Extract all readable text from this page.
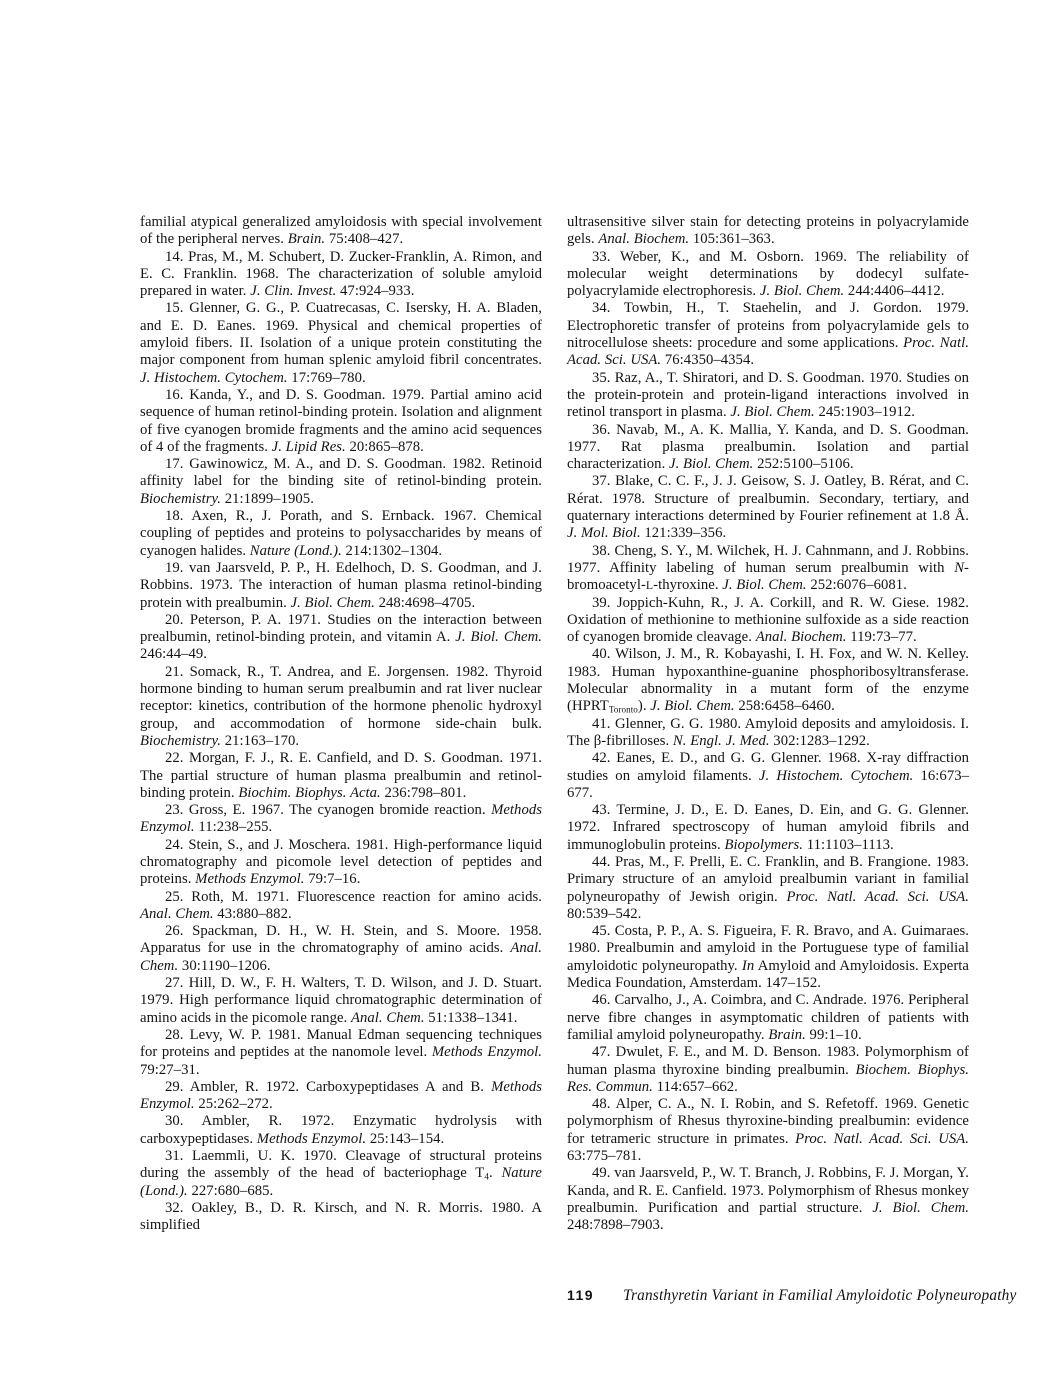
familial atypical generalized amyloidosis with special involvement of the peripheral nerves. Brain. 75:408–427.

14. Pras, M., M. Schubert, D. Zucker-Franklin, A. Rimon, and E. C. Franklin. 1968. The characterization of soluble amyloid prepared in water. J. Clin. Invest. 47:924–933.

15. Glenner, G. G., P. Cuatrecasas, C. Isersky, H. A. Bladen, and E. D. Eanes. 1969. Physical and chemical properties of amyloid fibers. II. Isolation of a unique protein constituting the major component from human splenic amyloid fibril concentrates. J. Histochem. Cytochem. 17:769–780.

16. Kanda, Y., and D. S. Goodman. 1979. Partial amino acid sequence of human retinol-binding protein. Isolation and alignment of five cyanogen bromide fragments and the amino acid sequences of 4 of the fragments. J. Lipid Res. 20:865–878.

17. Gawinowicz, M. A., and D. S. Goodman. 1982. Retinoid affinity label for the binding site of retinol-binding protein. Biochemistry. 21:1899–1905.

18. Axen, R., J. Porath, and S. Ernback. 1967. Chemical coupling of peptides and proteins to polysaccharides by means of cyanogen halides. Nature (Lond.). 214:1302–1304.

19. van Jaarsveld, P. P., H. Edelhoch, D. S. Goodman, and J. Robbins. 1973. The interaction of human plasma retinol-binding protein with prealbumin. J. Biol. Chem. 248:4698–4705.

20. Peterson, P. A. 1971. Studies on the interaction between prealbumin, retinol-binding protein, and vitamin A. J. Biol. Chem. 246:44–49.

21. Somack, R., T. Andrea, and E. Jorgensen. 1982. Thyroid hormone binding to human serum prealbumin and rat liver nuclear receptor: kinetics, contribution of the hormone phenolic hydroxyl group, and accommodation of hormone side-chain bulk. Biochemistry. 21:163–170.

22. Morgan, F. J., R. E. Canfield, and D. S. Goodman. 1971. The partial structure of human plasma prealbumin and retinol-binding protein. Biochim. Biophys. Acta. 236:798–801.

23. Gross, E. 1967. The cyanogen bromide reaction. Methods Enzymol. 11:238–255.

24. Stein, S., and J. Moschera. 1981. High-performance liquid chromatography and picomole level detection of peptides and proteins. Methods Enzymol. 79:7–16.

25. Roth, M. 1971. Fluorescence reaction for amino acids. Anal. Chem. 43:880–882.

26. Spackman, D. H., W. H. Stein, and S. Moore. 1958. Apparatus for use in the chromatography of amino acids. Anal. Chem. 30:1190–1206.

27. Hill, D. W., F. H. Walters, T. D. Wilson, and J. D. Stuart. 1979. High performance liquid chromatographic determination of amino acids in the picomole range. Anal. Chem. 51:1338–1341.

28. Levy, W. P. 1981. Manual Edman sequencing techniques for proteins and peptides at the nanomole level. Methods Enzymol. 79:27–31.

29. Ambler, R. 1972. Carboxypeptidases A and B. Methods Enzymol. 25:262–272.

30. Ambler, R. 1972. Enzymatic hydrolysis with carboxypeptidases. Methods Enzymol. 25:143–154.

31. Laemmli, U. K. 1970. Cleavage of structural proteins during the assembly of the head of bacteriophage $T_4$. Nature (Lond.). 227:680–685.

32. Oakley, B., D. R. Kirsch, and N. R. Morris. 1980. A simplified

ultrasensitive silver stain for detecting proteins in polyacrylamide gels. Anal. Biochem. 105:361–363.

33. Weber, K., and M. Osborn. 1969. The reliability of molecular weight determinations by dodecyl sulfate-polyacrylamide electrophoresis. J. Biol. Chem. 244:4406–4412.

34. Towbin, H., T. Staehelin, and J. Gordon. 1979. Electrophoretic transfer of proteins from polyacrylamide gels to nitrocellulose sheets: procedure and some applications. Proc. Natl. Acad. Sci. USA. 76:4350–4354.

35. Raz, A., T. Shiratori, and D. S. Goodman. 1970. Studies on the protein-protein and protein-ligand interactions involved in retinol transport in plasma. J. Biol. Chem. 245:1903–1912.

36. Navab, M., A. K. Mallia, Y. Kanda, and D. S. Goodman. 1977. Rat plasma prealbumin. Isolation and partial characterization. J. Biol. Chem. 252:5100–5106.

37. Blake, C. C. F., J. J. Geisow, S. J. Oatley, B. Rérat, and C. Rérat. 1978. Structure of prealbumin. Secondary, tertiary, and quaternary interactions determined by Fourier refinement at 1.8 Å. J. Mol. Biol. 121:339–356.

38. Cheng, S. Y., M. Wilchek, H. J. Cahnmann, and J. Robbins. 1977. Affinity labeling of human serum prealbumin with N-bromoacetyl-L-thyroxine. J. Biol. Chem. 252:6076–6081.

39. Joppich-Kuhn, R., J. A. Corkill, and R. W. Giese. 1982. Oxidation of methionine to methionine sulfoxide as a side reaction of cyanogen bromide cleavage. Anal. Biochem. 119:73–77.

40. Wilson, J. M., R. Kobayashi, I. H. Fox, and W. N. Kelley. 1983. Human hypoxanthine-guanine phosphoribosyltransferase. Molecular abnormality in a mutant form of the enzyme $(HPRT_{Toronto})$. J. Biol. Chem. 258:6458–6460.

41. Glenner, G. G. 1980. Amyloid deposits and amyloidosis. I. The β-fibrilloses. N. Engl. J. Med. 302:1283–1292.

42. Eanes, E. D., and G. G. Glenner. 1968. X-ray diffraction studies on amyloid filaments. J. Histochem. Cytochem. 16:673–677.

43. Termine, J. D., E. D. Eanes, D. Ein, and G. G. Glenner. 1972. Infrared spectroscopy of human amyloid fibrils and immunoglobulin proteins. Biopolymers. 11:1103–1113.

44. Pras, M., F. Prelli, E. C. Franklin, and B. Frangione. 1983. Primary structure of an amyloid prealbumin variant in familial polyneuropathy of Jewish origin. Proc. Natl. Acad. Sci. USA. 80:539–542.

45. Costa, P. P., A. S. Figueira, F. R. Bravo, and A. Guimaraes. 1980. Prealbumin and amyloid in the Portuguese type of familial amyloidotic polyneuropathy. In Amyloid and Amyloidosis. Experta Medica Foundation, Amsterdam. 147–152.

46. Carvalho, J., A. Coimbra, and C. Andrade. 1976. Peripheral nerve fibre changes in asymptomatic children of patients with familial amyloid polyneuropathy. Brain. 99:1–10.

47. Dwulet, F. E., and M. D. Benson. 1983. Polymorphism of human plasma thyroxine binding prealbumin. Biochem. Biophys. Res. Commun. 114:657–662.

48. Alper, C. A., N. I. Robin, and S. Refetoff. 1969. Genetic polymorphism of Rhesus thyroxine-binding prealbumin: evidence for tetrameric structure in primates. Proc. Natl. Acad. Sci. USA. 63:775–781.

49. van Jaarsveld, P., W. T. Branch, J. Robbins, F. J. Morgan, Y. Kanda, and R. E. Canfield. 1973. Polymorphism of Rhesus monkey prealbumin. Purification and partial structure. J. Biol. Chem. 248:7898–7903.

119 Transthyretin Variant in Familial Amyloidotic Polyneuropathy
